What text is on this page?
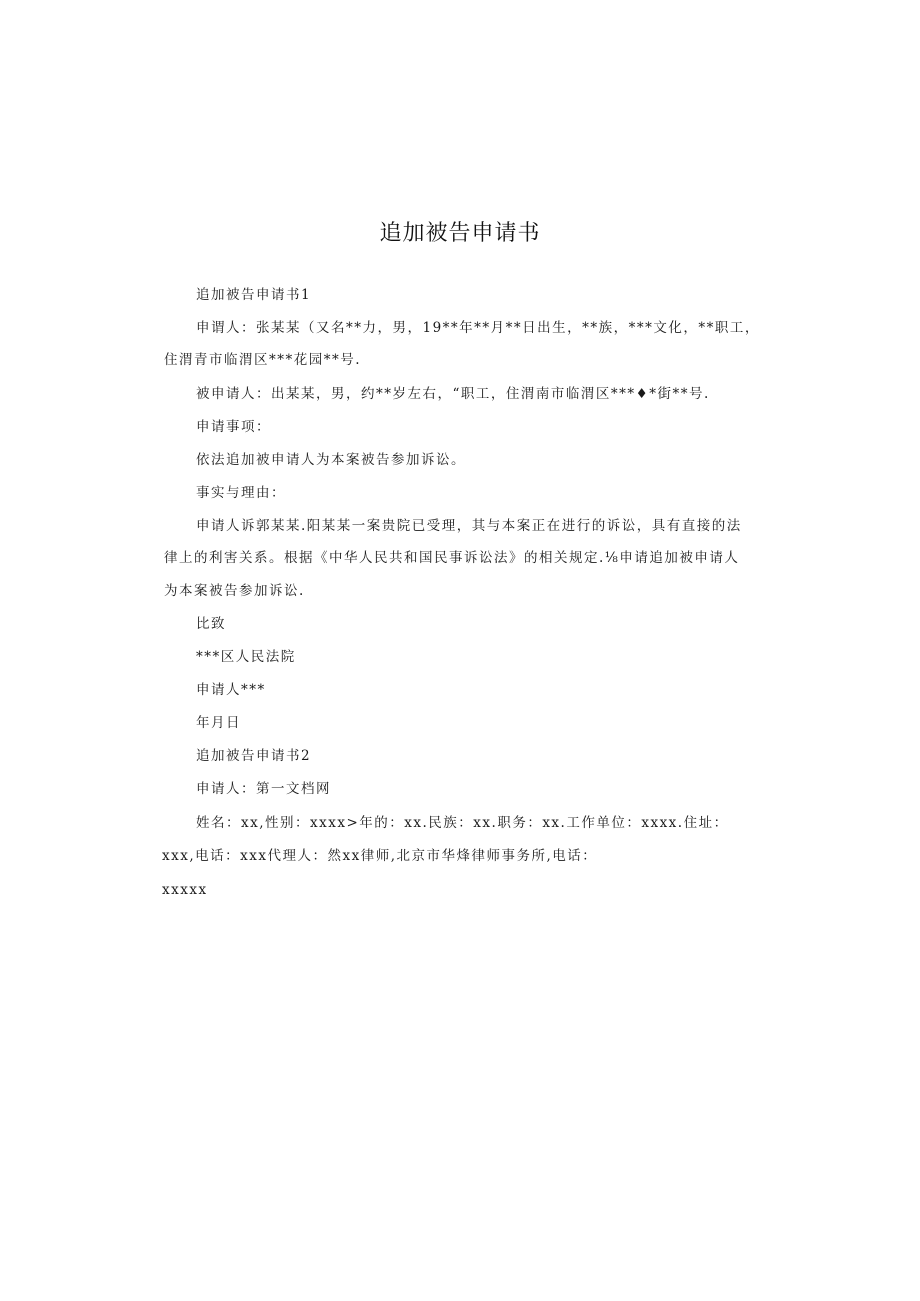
追加被告申请书
追加被告申请书1
申谓人：张某某（又名**力，男，19**年**月**日出生，**族，***文化，**职工，
住渭青市临渭区***花园**号.
被申请人：出某某，男，约**岁左右，“职工，住渭南市临渭区***♦*街**号.
申请事项：
依法追加被申请人为本案被告参加诉讼。
事实与理由：
申请人诉郭某某.阳某某一案贵院已受理，其与本案正在进行的诉讼，具有直接的法
律上的利害关系。根据《中华人民共和国民事诉讼法》的相关规定.⅛申请追加被申请人
为本案被告参加诉讼.
比致
***区人民法院
申请人***
年月日
追加被告申请书2
申请人：第一文档网
姓名：xx,性别：xxxx>年的：xx.民族：xx.职务：xx.工作单位：xxxx.住址：
xxx,电话：xxx代理人：然xx律师,北京市华烽律师事务所,电话：
xxxxx
